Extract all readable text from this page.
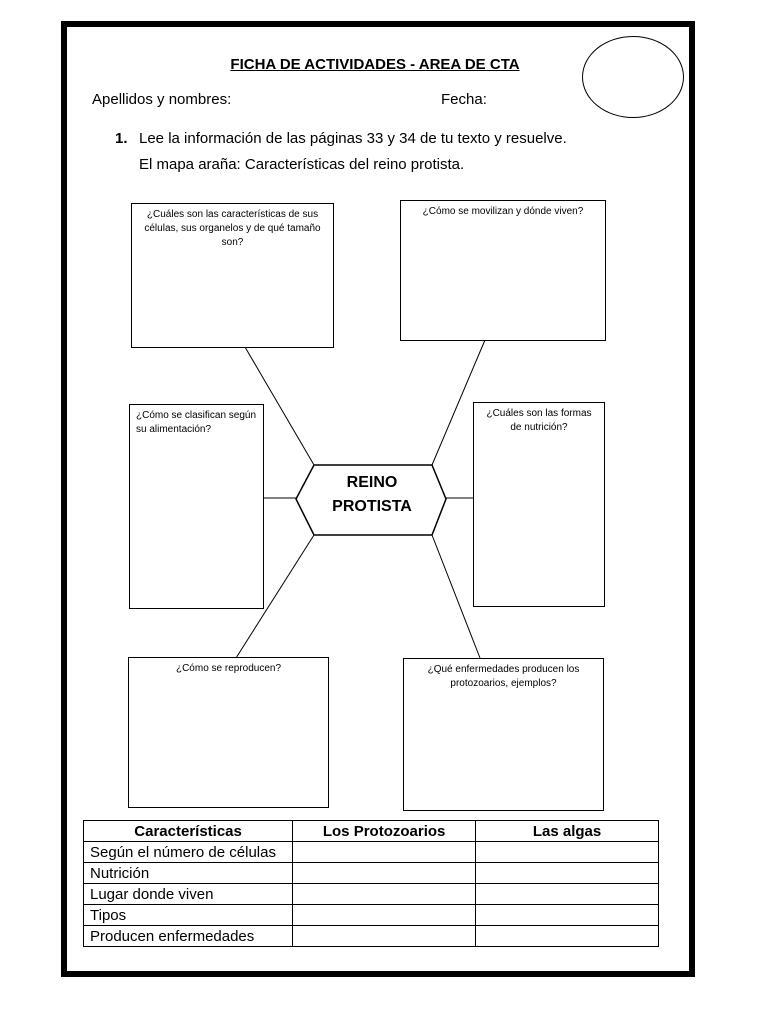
FICHA DE ACTIVIDADES - AREA DE CTA
Apellidos y nombres:	Fecha:
1. Lee la información de las páginas 33 y 34 de tu texto y resuelve.
El mapa araña: Características del reino protista.
REINO
PROTISTA
¿Cuáles son las características de sus células, sus organelos y de qué tamaño son?
¿Cómo se movilizan y dónde viven?
¿Cómo se clasifican según su alimentación?
¿Cuáles son las formas de nutrición?
¿Cómo se reproducen?	¿Qué enfermedades producen los protozoarios, ejemplos?
Características	Los Protozoarios	Las algas
Según el número de células		
Nutrición		
Lugar donde viven		
Tipos		
Producen enfermedades		
